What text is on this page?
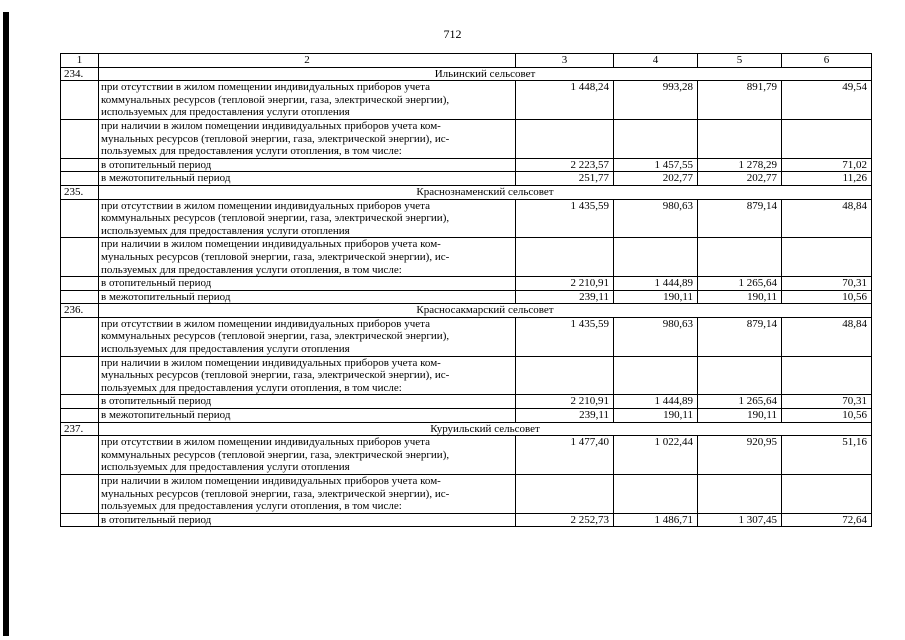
712
1	2	3	4	5	6
234.	Ильинский сельсовет				

	при отсутствии в жилом помещении индивидуальных приборов учета
коммунальных ресурсов (тепловой энергии, газа, электрической энергии),
используемых для предоставления услуги отопления	1 448,24	993,28	891,79	49,54

	при наличии в жилом помещении индивидуальных приборов учета ком-
мунальных ресурсов (тепловой энергии, газа, электрической энергии), ис-
пользуемых для предоставления услуги отопления, в том числе:				

	в отопительный период	2 223,57	1 457,55	1 278,29	71,02

	в межотопительный период	251,77	202,77	202,77	11,26
235.	Краснознаменский сельсовет				

	при отсутствии в жилом помещении индивидуальных приборов учета
коммунальных ресурсов (тепловой энергии, газа, электрической энергии),
используемых для предоставления услуги отопления	1 435,59	980,63	879,14	48,84

	при наличии в жилом помещении индивидуальных приборов учета ком-
мунальных ресурсов (тепловой энергии, газа, электрической энергии), ис-
пользуемых для предоставления услуги отопления, в том числе:				

	в отопительный период	2 210,91	1 444,89	1 265,64	70,31

	в межотопительный период	239,11	190,11	190,11	10,56
236.	Красносакмарский сельсовет				

	при отсутствии в жилом помещении индивидуальных приборов учета
коммунальных ресурсов (тепловой энергии, газа, электрической энергии),
используемых для предоставления услуги отопления	1 435,59	980,63	879,14	48,84

	при наличии в жилом помещении индивидуальных приборов учета ком-
мунальных ресурсов (тепловой энергии, газа, электрической энергии), ис-
пользуемых для предоставления услуги отопления, в том числе:				

	в отопительный период	2 210,91	1 444,89	1 265,64	70,31

	в межотопительный период	239,11	190,11	190,11	10,56
237.	Куруильский сельсовет				

	при отсутствии в жилом помещении индивидуальных приборов учета
коммунальных ресурсов (тепловой энергии, газа, электрической энергии),
используемых для предоставления услуги отопления	1 477,40	1 022,44	920,95	51,16

	при наличии в жилом помещении индивидуальных приборов учета ком-
мунальных ресурсов (тепловой энергии, газа, электрической энергии), ис-
пользуемых для предоставления услуги отопления, в том числе:				

	в отопительный период	2 252,73	1 486,71	1 307,45	72,64
